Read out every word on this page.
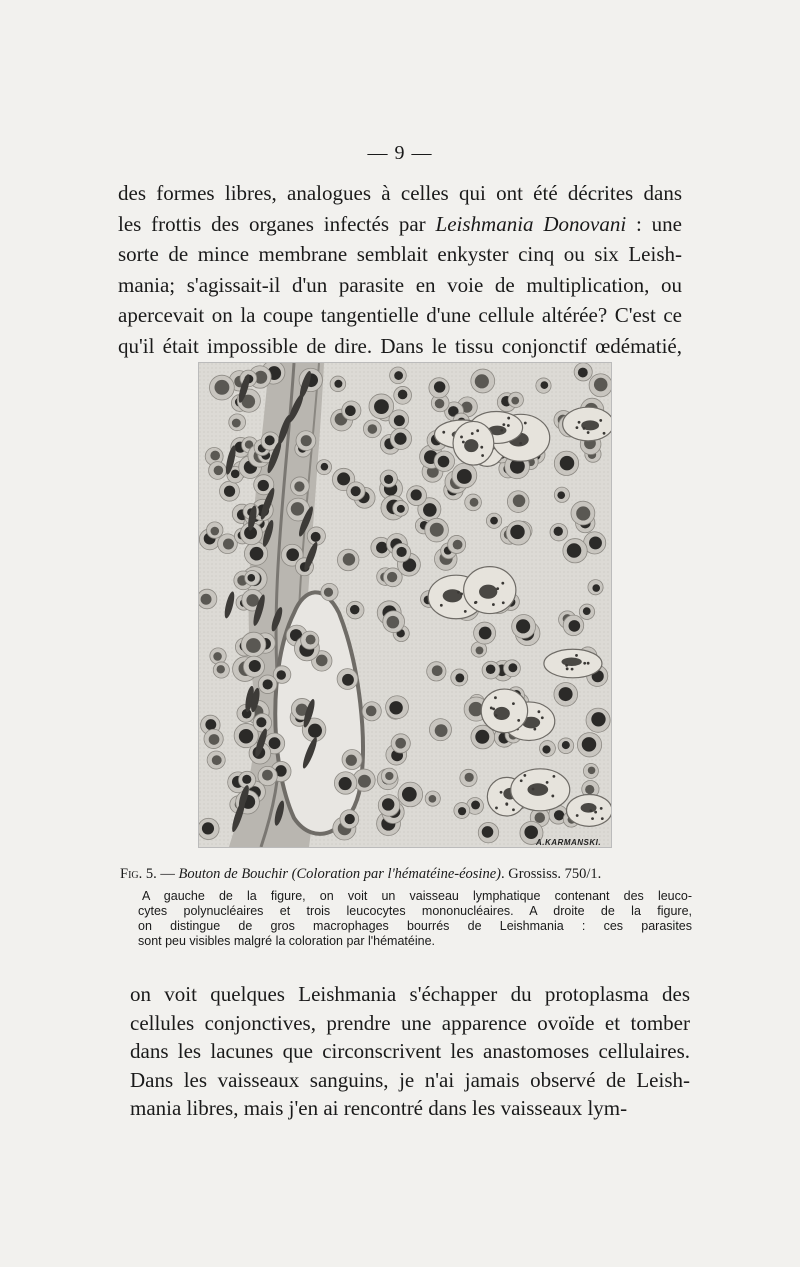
— 9 —

des formes libres, analogues à celles qui ont été décrites dans
les frottis des organes infectés par Leishmania Donovani : une
sorte de mince membrane semblait enkyster cinq ou six Leish-
mania; s'agissait-il d'un parasite en voie de multiplication, ou
apercevait on la coupe tangentielle d'une cellule altérée? C'est ce
qu'il était impossible de dire. Dans le tissu conjonctif œdématié,

A.KARMANSKI.
Fig. 5. — Bouton de Bouchir (Coloration par l'hématéine-éosine). Grossiss. 750/1.
A gauche de la figure, on voit un vaisseau lymphatique contenant des leuco-
cytes polynucléaires et trois leucocytes mononucléaires. A droite de la figure,
on distingue de gros macrophages bourrés de Leishmania : ces parasites
sont peu visibles malgré la coloration par l'hématéine.

on voit quelques Leishmania s'échapper du protoplasma des
cellules conjonctives, prendre une apparence ovoïde et tomber
dans les lacunes que circonscrivent les anastomoses cellulaires.
Dans les vaisseaux sanguins, je n'ai jamais observé de Leish-
mania libres, mais j'en ai rencontré dans les vaisseaux lym-
